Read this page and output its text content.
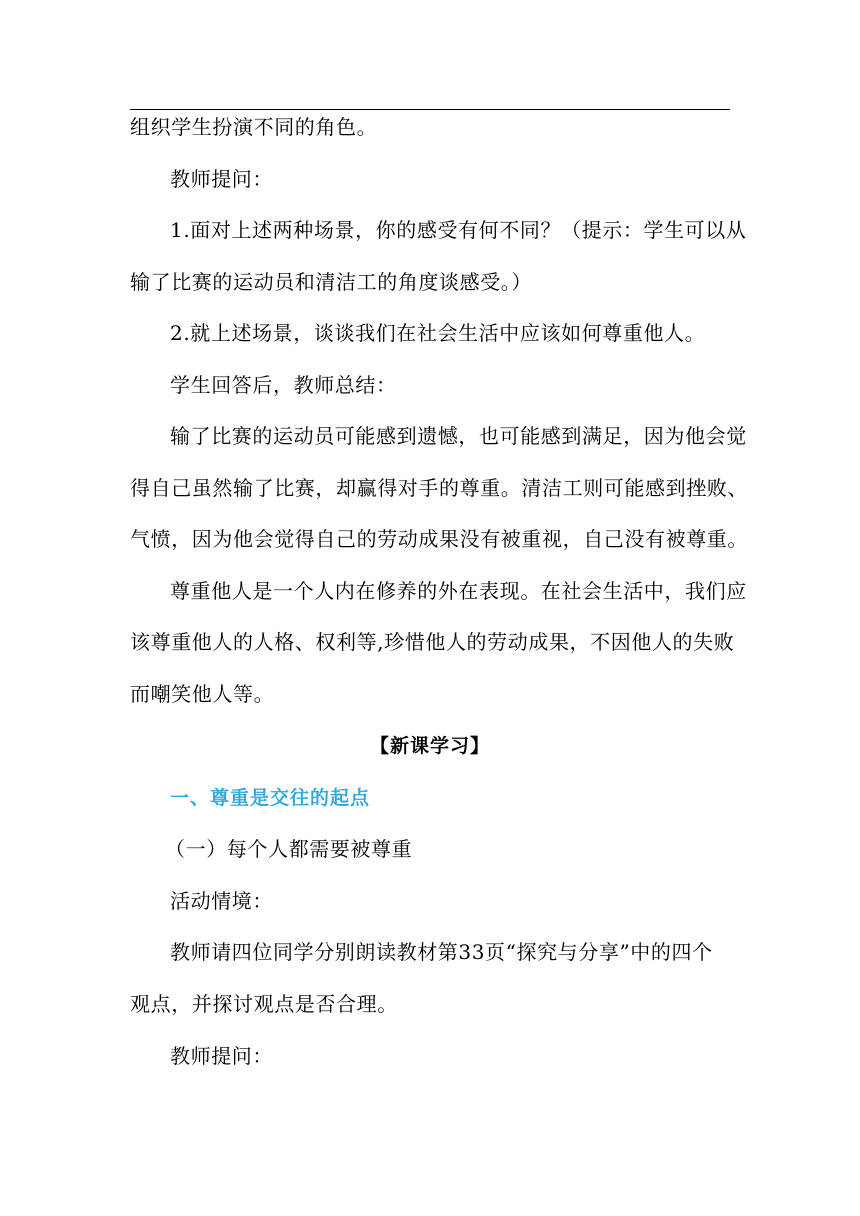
组织学生扮演不同的角色。
教师提问：
1.面对上述两种场景，你的感受有何不同？（提示：学生可以从
输了比赛的运动员和清洁工的角度谈感受。）
2.就上述场景，谈谈我们在社会生活中应该如何尊重他人。
学生回答后，教师总结：
输了比赛的运动员可能感到遗憾，也可能感到满足，因为他会觉
得自己虽然输了比赛，却赢得对手的尊重。清洁工则可能感到挫败、
气愤，因为他会觉得自己的劳动成果没有被重视，自己没有被尊重。
尊重他人是一个人内在修养的外在表现。在社会生活中，我们应
该尊重他人的人格、权利等,珍惜他人的劳动成果，不因他人的失败
而嘲笑他人等。
【新课学习】
一、尊重是交往的起点
（一）每个人都需要被尊重
活动情境：
教师请四位同学分别朗读教材第33页“探究与分享”中的四个
观点，并探讨观点是否合理。
教师提问：
